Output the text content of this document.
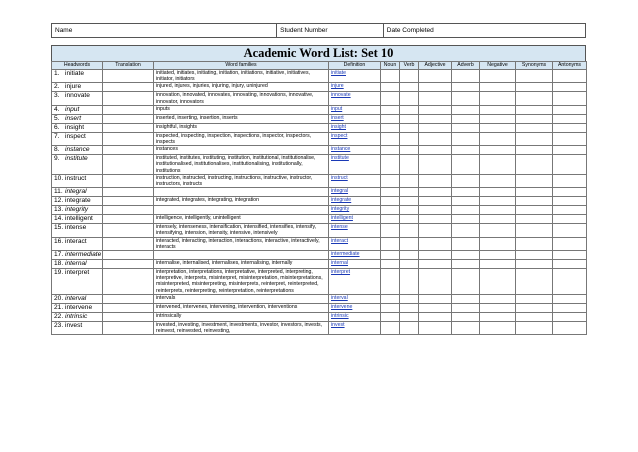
Name	Student Number	Date Completed
Academic Word List: Set 10
Headwords	Translation	Word families	Definition	Noun	Verb	Adjective	Adverb	Negative	Synonyms	Antonyms
1. initiate		initiated, initiates, initiating, initiation, initiations, initiative, initiatives, initiator, initiators	initiate							
2. injure		injured, injures, injuries, injuring, injury, uninjured	injure							
3. innovate		innovation, innovated, innovates, innovating, innovations, innovative, innovator, innovators	innovate							
4. input		inputs	input							
5. insert		inserted, inserting, insertion, inserts	insert							
6. insight		insightful, insights	insight							
7. inspect		inspected, inspecting, inspection, inspections, inspector, inspectors, inspects	inspect							
8. instance		instances	instance							
9. institute		instituted, institutes, instituting, institution, institutional, institutionalise, institutionalised, institutionalises, institutionalising, institutionally, institutions	institute							
10. instruct		instruction, instructed, instructing, instructions, instructive, instructor, instructors, instructs	instruct							
11. integral			integral							
12. integrate		integrated, integrates, integrating, integration	integrate							
13. integrity			integrity							
14. intelligent		intelligence, intelligently, unintelligent	intelligent							
15. intense		intensely, intenseness, intensification, intensified, intensifies, intensify, intensifying, intension, intensity, intensive, intensively	intense							
16. interact		interacted, interacting, interaction, interactions, interactive, interactively, interacts	interact							
17. intermediate			intermediate							
18. internal		internalise, internalised, internalises, internalising, internally	internal							
19. interpret		interpretation, interpretations, interpretative, interpreted, interpreting, interpretive, interprets, misinterpret, misinterpretation, misinterpretations, misinterpreted, misinterpreting, misinterprets, reinterpret, reinterpreted, reinterprets, reinterpreting, reinterpretation, reinterpretations	interpret							
20. interval		intervals	interval							
21. intervene		intervened, intervenes, intervening, intervention, interventions	intervene							
22. intrinsic		intrinsically	intrinsic							
23. invest		invested, investing, investment, investments, investor, investors, invests, reinvest, reinvested, reinvesting,	invest							
